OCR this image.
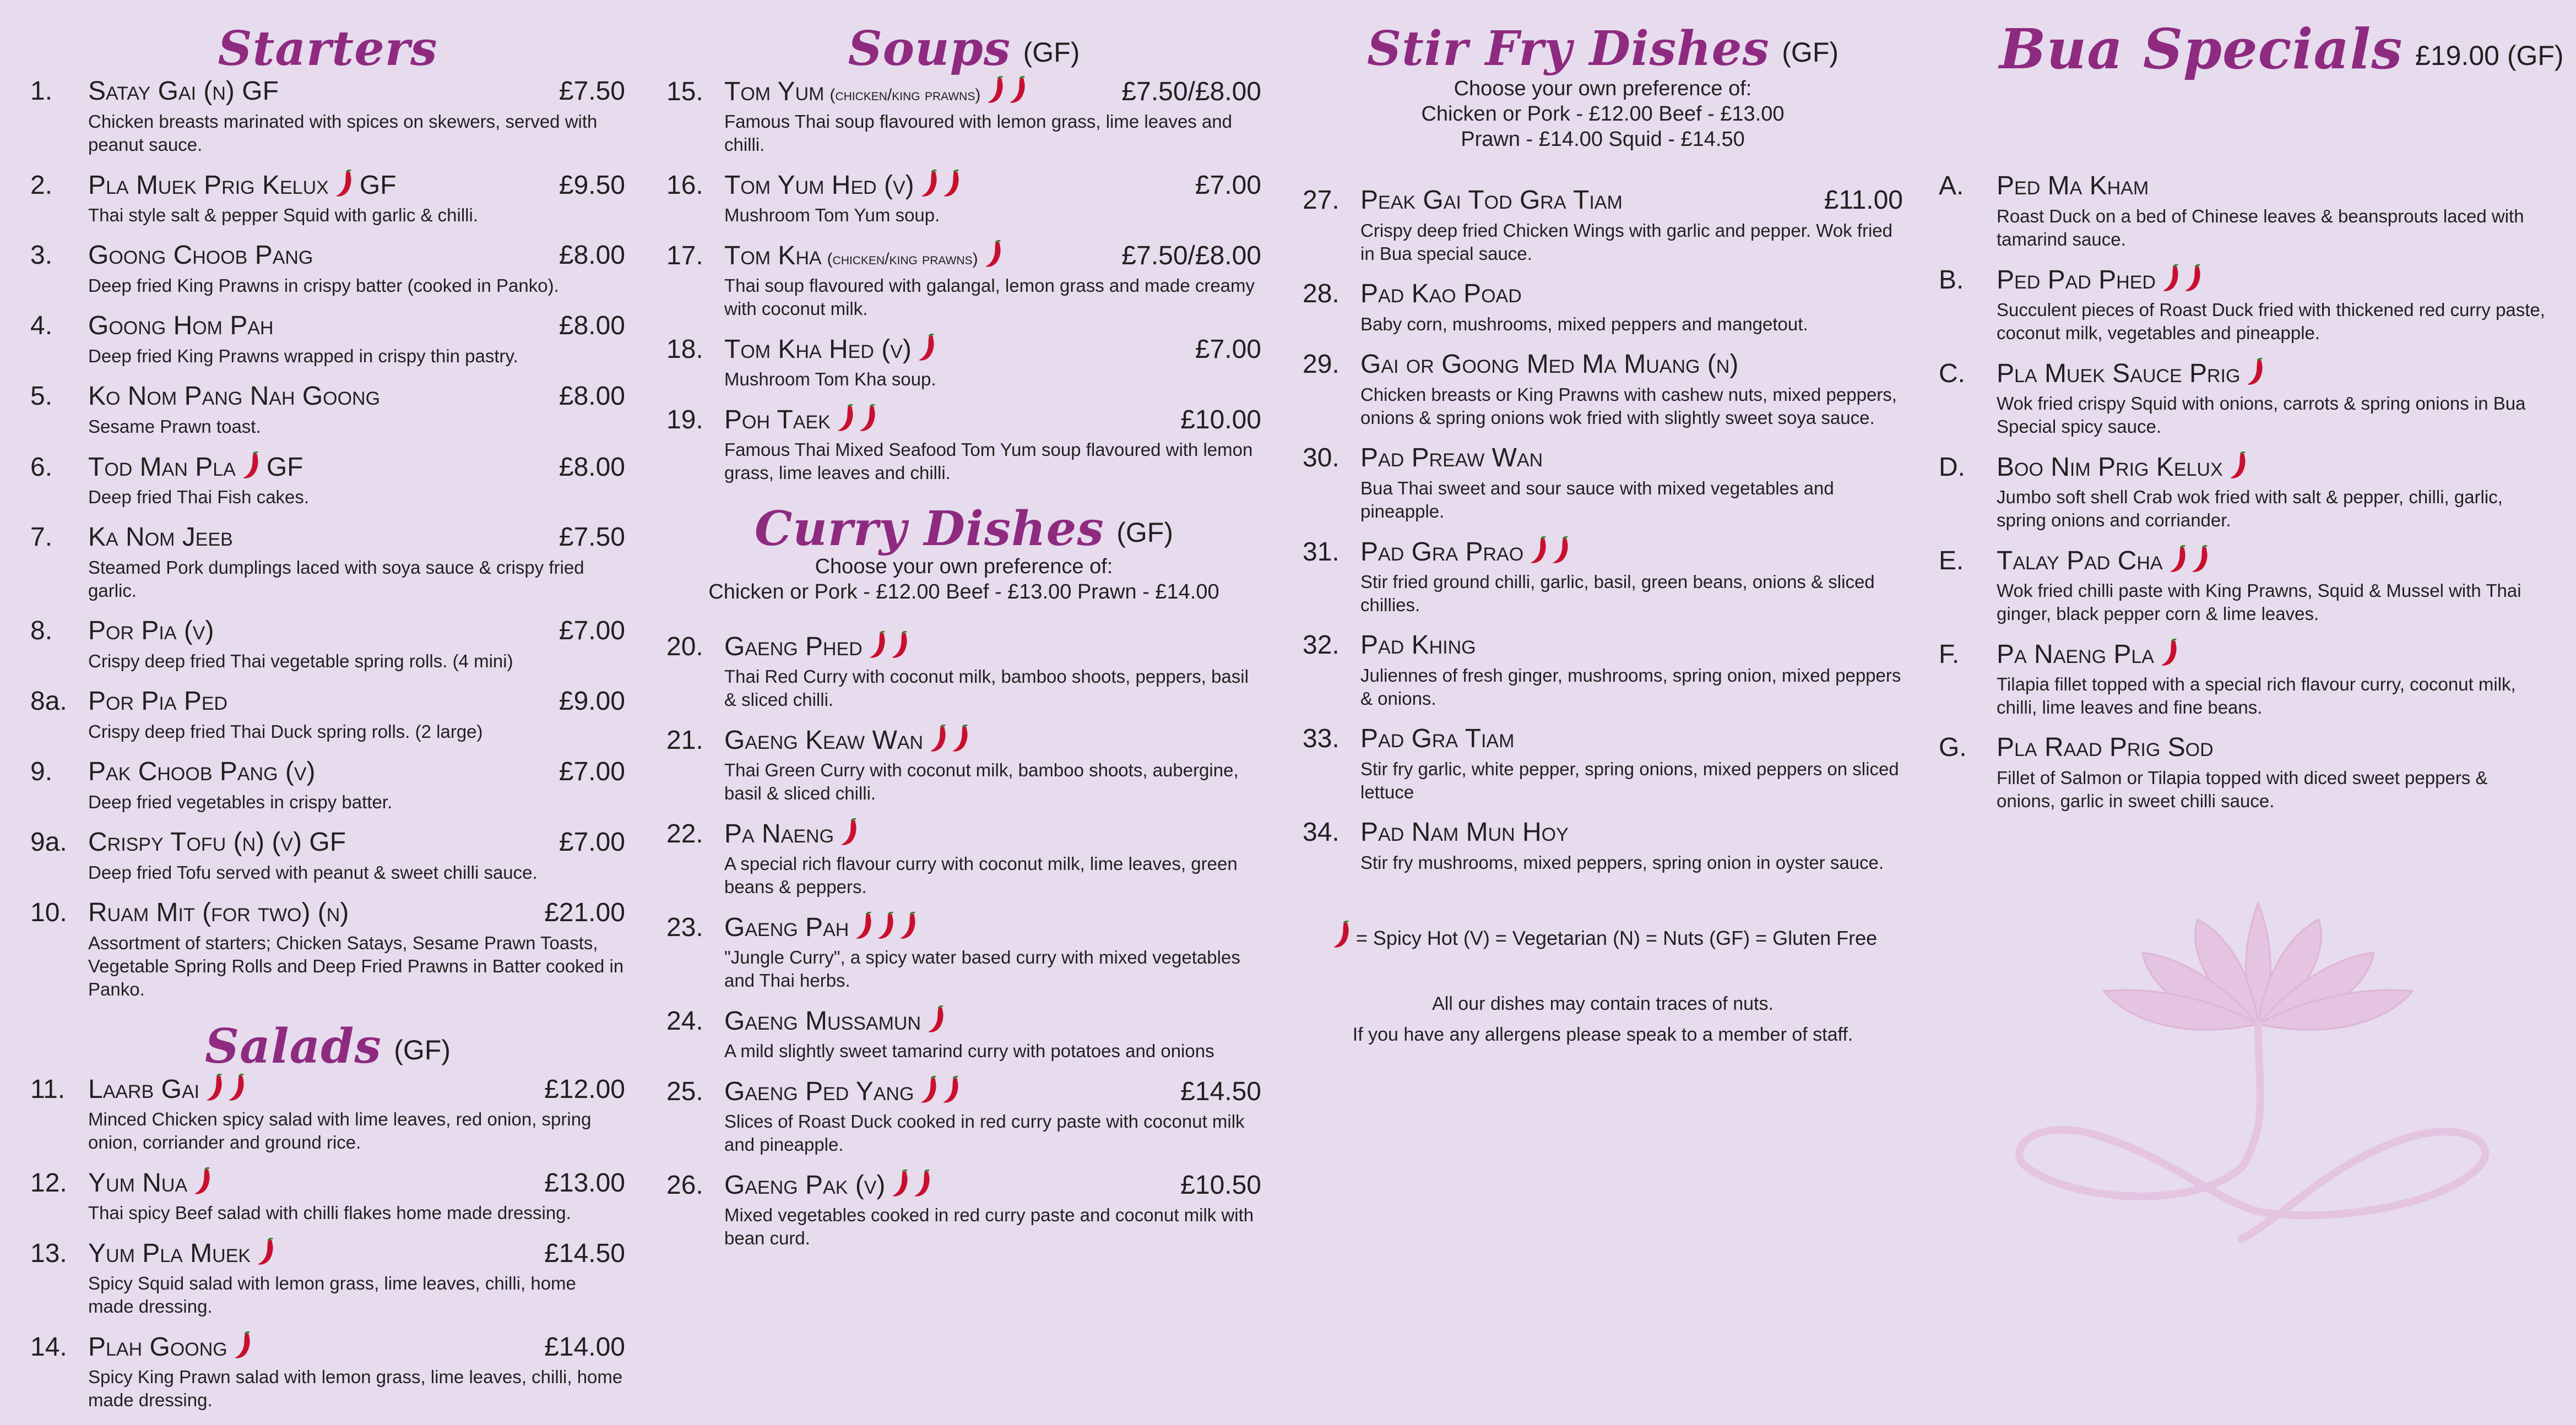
Starters
1.	Satay Gai (n) GF	£7.50
Chicken breasts marinated with spices on skewers, served with peanut sauce.
2.	Pla Muek Prig Kelux GF	£9.50
Thai style salt & pepper Squid with garlic & chilli.
3.	Goong Choob Pang	£8.00
Deep fried King Prawns in crispy batter (cooked in Panko).
4.	Goong Hom Pah	£8.00
Deep fried King Prawns wrapped in crispy thin pastry.
5.	Ko Nom Pang Nah Goong	£8.00
Sesame Prawn toast.
6.	Tod Man Pla GF	£8.00
Deep fried Thai Fish cakes.
7.	Ka Nom Jeeb	£7.50
Steamed Pork dumplings laced with soya sauce & crispy fried garlic.
8.	Por Pia (v)	£7.00
Crispy deep fried Thai vegetable spring rolls. (4 mini)
8a. Por Pia Ped	£9.00
Crispy deep fried Thai Duck spring rolls. (2 large)
9.	Pak Choob Pang (v)	£7.00
Deep fried vegetables in crispy batter.
9a. Crispy Tofu (n) (v) GF	£7.00
Deep fried Tofu served with peanut & sweet chilli sauce.
10. Ruam Mit (for two) (n)	£21.00
Assortment of starters; Chicken Satays, Sesame Prawn Toasts, Vegetable Spring Rolls and Deep Fried Prawns in Batter cooked in Panko.
Salads (GF)
11. Laarb Gai	£12.00
Minced Chicken spicy salad with lime leaves, red onion, spring onion, corriander and ground rice.
12. Yum Nua	£13.00
Thai spicy Beef salad with chilli flakes home made dressing.
13. Yum Pla Muek	£14.50
Spicy Squid salad with lemon grass, lime leaves, chilli, home made dressing.
14. Plah Goong	£14.00
Spicy King Prawn salad with lemon grass, lime leaves, chilli, home made dressing.
Soups (GF)
15. Tom Yum (chicken/king prawns)	£7.50/£8.00
Famous Thai soup flavoured with lemon grass, lime leaves and chilli.
16. Tom Yum Hed (v)	£7.00
Mushroom Tom Yum soup.
17. Tom Kha (chicken/king prawns)	£7.50/£8.00
Thai soup flavoured with galangal, lemon grass and made creamy with coconut milk.
18. Tom Kha Hed (v)	£7.00
Mushroom Tom Kha soup.
19. Poh Taek	£10.00
Famous Thai Mixed Seafood Tom Yum soup flavoured with lemon grass, lime leaves and chilli.
Curry Dishes (GF)
Choose your own preference of:
Chicken or Pork - £12.00 Beef - £13.00 Prawn - £14.00
20. Gaeng Phed
Thai Red Curry with coconut milk, bamboo shoots, peppers, basil & sliced chilli.
21. Gaeng Keaw Wan
Thai Green Curry with coconut milk, bamboo shoots, aubergine, basil & sliced chilli.
22. Pa Naeng
A special rich flavour curry with coconut milk, lime leaves, green beans & peppers.
23. Gaeng Pah
"Jungle Curry", a spicy water based curry with mixed vegetables and Thai herbs.
24. Gaeng Mussamun
A mild slightly sweet tamarind curry with potatoes and onions
25. Gaeng Ped Yang	£14.50
Slices of Roast Duck cooked in red curry paste with coconut milk and pineapple.
26. Gaeng Pak (v)	£10.50
Mixed vegetables cooked in red curry paste and coconut milk with bean curd.
Stir Fry Dishes (GF)
Choose your own preference of:
Chicken or Pork - £12.00 Beef - £13.00
Prawn - £14.00 Squid - £14.50
27. Peak Gai Tod Gra Tiam	£11.00
Crispy deep fried Chicken Wings with garlic and pepper. Wok fried in Bua special sauce.
28. Pad Kao Poad
Baby corn, mushrooms, mixed peppers and mangetout.
29. Gai or Goong Med Ma Muang (n)
Chicken breasts or King Prawns with cashew nuts, mixed peppers, onions & spring onions wok fried with slightly sweet soya sauce.
30. Pad Preaw Wan
Bua Thai sweet and sour sauce with mixed vegetables and pineapple.
31. Pad Gra Prao
Stir fried ground chilli, garlic, basil, green beans, onions & sliced chillies.
32. Pad Khing
Juliennes of fresh ginger, mushrooms, spring onion, mixed peppers & onions.
33. Pad Gra Tiam
Stir fry garlic, white pepper, spring onions, mixed peppers on sliced lettuce
34. Pad Nam Mun Hoy
Stir fry mushrooms, mixed peppers, spring onion in oyster sauce.
= Spicy Hot (V) = Vegetarian (N) = Nuts (GF) = Gluten Free
All our dishes may contain traces of nuts.
If you have any allergens please speak to a member of staff.
Bua Specials £19.00 (GF)
A.	Ped Ma Kham
Roast Duck on a bed of Chinese leaves & beansprouts laced with tamarind sauce.
B.	Ped Pad Phed
Succulent pieces of Roast Duck fried with thickened red curry paste, coconut milk, vegetables and pineapple.
C.	Pla Muek Sauce Prig
Wok fried crispy Squid with onions, carrots & spring onions in Bua Special spicy sauce.
D.	Boo Nim Prig Kelux
Jumbo soft shell Crab wok fried with salt & pepper, chilli, garlic, spring onions and corriander.
E.	Talay Pad Cha
Wok fried chilli paste with King Prawns, Squid & Mussel with Thai ginger, black pepper corn & lime leaves.
F.	Pa Naeng Pla
Tilapia fillet topped with a special rich flavour curry, coconut milk, chilli, lime leaves and fine beans.
G.	Pla Raad Prig Sod
Fillet of Salmon or Tilapia topped with diced sweet peppers & onions, garlic in sweet chilli sauce.
